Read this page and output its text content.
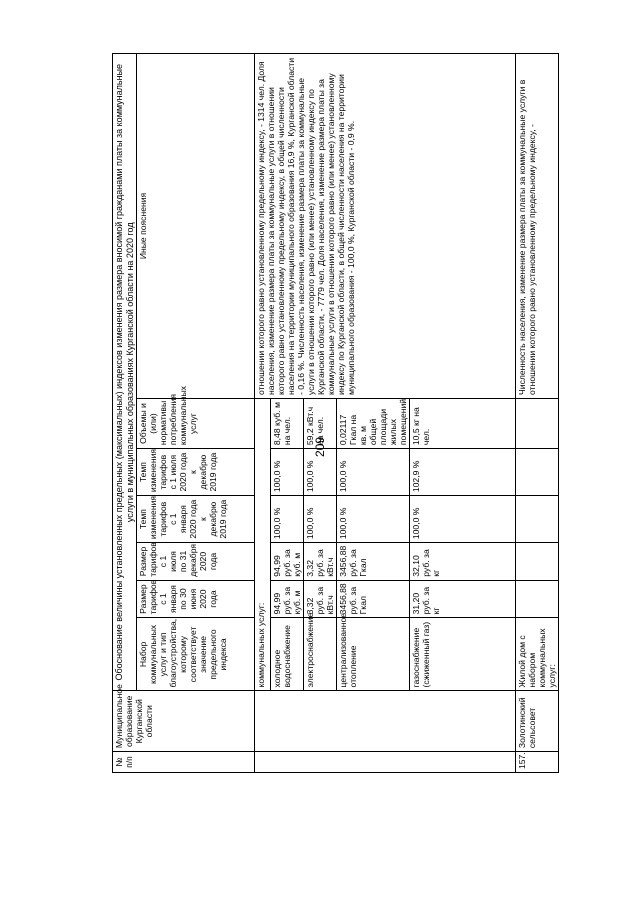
209
№ п/п	Муниципальное образование Курганской области	Обоснование величины установленных предельных (максимальных) индексов изменения размера вносимой гражданами платы за коммунальные услуги в муниципальных образованиях Курганской области на 2020 год						
		Набор коммунальных услуг и тип благоустройства, которому соответствует значение предельного индекса	Размер тарифов с 1 января по 30 июня 2020 года	Размер тарифов с 1 июля по 31 декабря 2020 года	Темп изменения тарифов с 1 января 2020 года к декабрю 2019 года	Темп изменения тарифов с 1 июля 2020 года к декабрю 2019 года	Объемы и (или) нормативы потребления коммунальных услуг	Иные пояснения
		коммунальных услуг:						отношении которого равно установленному предельному индексу, - 1314 чел. Доля населения, изменение размера платы за коммунальные услуги в отношении которого равно установленному предельному индексу, в общей численности населения на территории муниципального образования 16,9 %, Курганской области - 0,16 %. Численность населения, изменение размера платы за коммунальные услуги в отношении которого равно (или менее) установленному индексу по Курганской области, - 7779 чел. Доля населения, изменение размера платы за коммунальные услуги в отношении которого равно (или менее) установленному индексу по Курганской области, в общей численности населения на территории муниципального образования - 100,0 %, Курганской области - 0,9 %.
		холодное водоснабжение	94,99 руб. за куб. м	94,99 руб. за куб. м	100,0 %	100,0 %	8,48 куб. м на чел.	
		электроснабжение	3,32 руб. за кВт.ч	3,32 руб. за кВт.ч	100,0 %	100,0 %	59,2 кВт.ч на чел.	
		централизованное отопление	3456,88 руб. за Гкал	3456,88 руб. за Гкал	100,0 %	100,0 %	0,02117 Гкал на кв. м общей площади жилых помещений	
		газоснабжение (сжиженный газ)	31,20 руб. за кг	32,10 руб. за кг	100,0 %	102,9 %	10,5 кг на чел.	
157.	Золотинский сельсовет	Жилой дом с набором коммунальных услуг:						Численность населения, изменение размера платы за коммунальные услуги в отношении которого равно установленному предельному индексу, -
